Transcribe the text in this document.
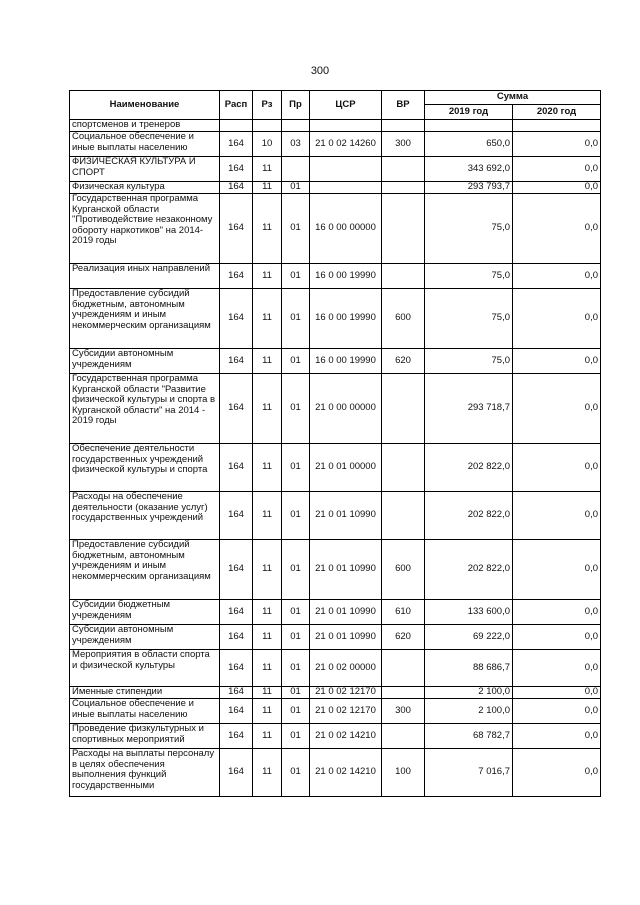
300
Наименование	Расп	Рз	Пр	ЦСР	ВР	Сумма	
						2019 год	2020 год
спортсменов и тренеров							
Социальное обеспечение и иные выплаты населению	164	10	03	21 0 02 14260	300	650,0	0,0
ФИЗИЧЕСКАЯ КУЛЬТУРА И СПОРТ	164	11				343 692,0	0,0
Физическая культура	164	11	01			293 793,7	0,0
Государственная программа Курганской области "Противодействие незаконному обороту наркотиков" на 2014-2019 годы	164	11	01	16 0 00 00000		75,0	0,0
Реализация иных направлений	164	11	01	16 0 00 19990		75,0	0,0
Предоставление субсидий бюджетным, автономным учреждениям и иным некоммерческим организациям	164	11	01	16 0 00 19990	600	75,0	0,0
Субсидии автономным учреждениям	164	11	01	16 0 00 19990	620	75,0	0,0
Государственная программа Курганской области "Развитие физической культуры и спорта в Курганской области" на 2014 - 2019 годы	164	11	01	21 0 00 00000		293 718,7	0,0
Обеспечение деятельности государственных учреждений физической культуры и спорта	164	11	01	21 0 01 00000		202 822,0	0,0
Расходы на обеспечение деятельности (оказание услуг) государственных учреждений	164	11	01	21 0 01 10990		202 822,0	0,0
Предоставление субсидий бюджетным, автономным учреждениям и иным некоммерческим организациям	164	11	01	21 0 01 10990	600	202 822,0	0,0
Субсидии бюджетным учреждениям	164	11	01	21 0 01 10990	610	133 600,0	0,0
Субсидии автономным учреждениям	164	11	01	21 0 01 10990	620	69 222,0	0,0
Мероприятия в области спорта и физической культуры	164	11	01	21 0 02 00000		88 686,7	0,0
Именные стипендии	164	11	01	21 0 02 12170		2 100,0	0,0
Социальное обеспечение и иные выплаты населению	164	11	01	21 0 02 12170	300	2 100,0	0,0
Проведение физкультурных и спортивных мероприятий	164	11	01	21 0 02 14210		68 782,7	0,0
Расходы на выплаты персоналу в целях обеспечения выполнения функций государственными	164	11	01	21 0 02 14210	100	7 016,7	0,0
